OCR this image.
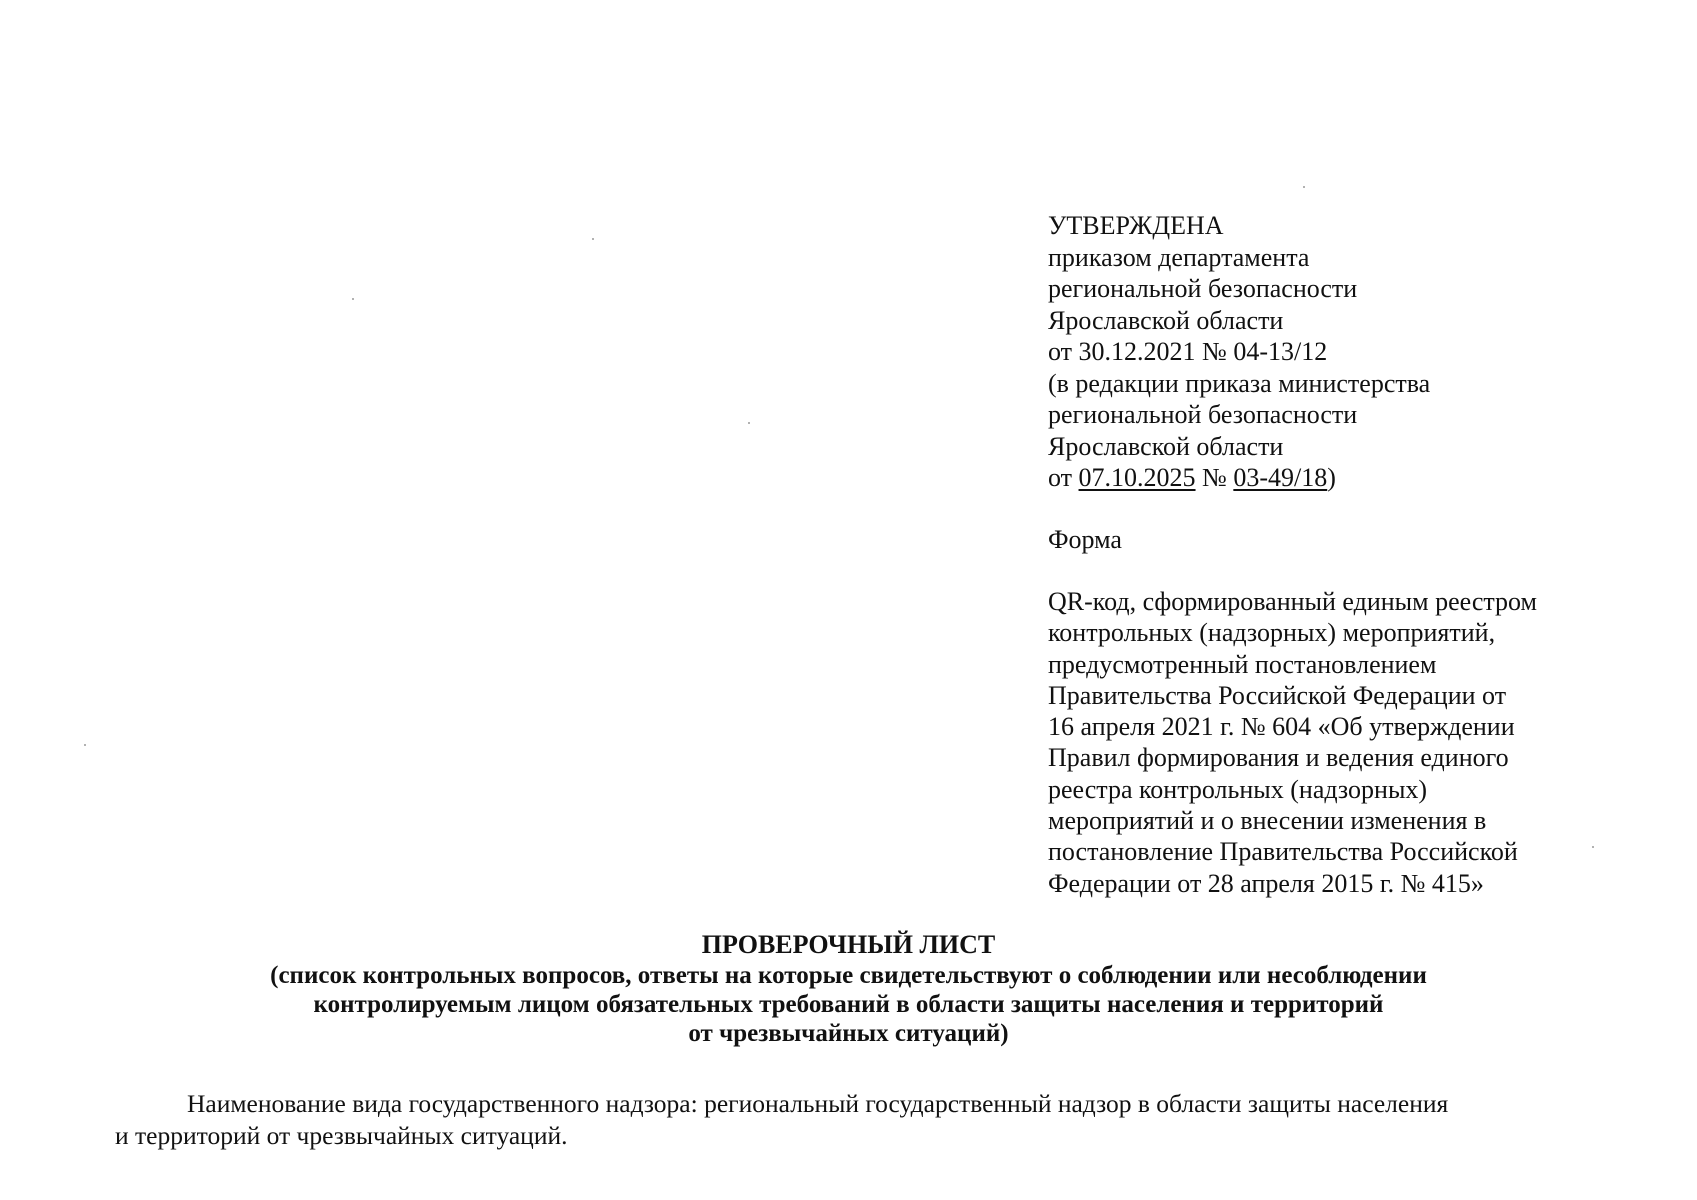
УТВЕРЖДЕНА
приказом департамента
региональной безопасности
Ярославской области
от 30.12.2021 № 04-13/12
(в редакции приказа министерства
региональной безопасности
Ярославской области
от 07.10.2025 № 03-49/18)
Форма
QR-код, сформированный единым реестром
контрольных (надзорных) мероприятий,
предусмотренный постановлением
Правительства Российской Федерации от
16 апреля 2021 г. № 604 «Об утверждении
Правил формирования и ведения единого
реестра контрольных (надзорных)
мероприятий и о внесении изменения в
постановление Правительства Российской
Федерации от 28 апреля 2015 г. № 415»
ПРОВЕРОЧНЫЙ ЛИСТ
(список контрольных вопросов, ответы на которые свидетельствуют о соблюдении или несоблюдении
контролируемым лицом обязательных требований в области защиты населения и территорий
от чрезвычайных ситуаций)
Наименование вида государственного надзора: региональный государственный надзор в области защиты населения
и территорий от чрезвычайных ситуаций.
